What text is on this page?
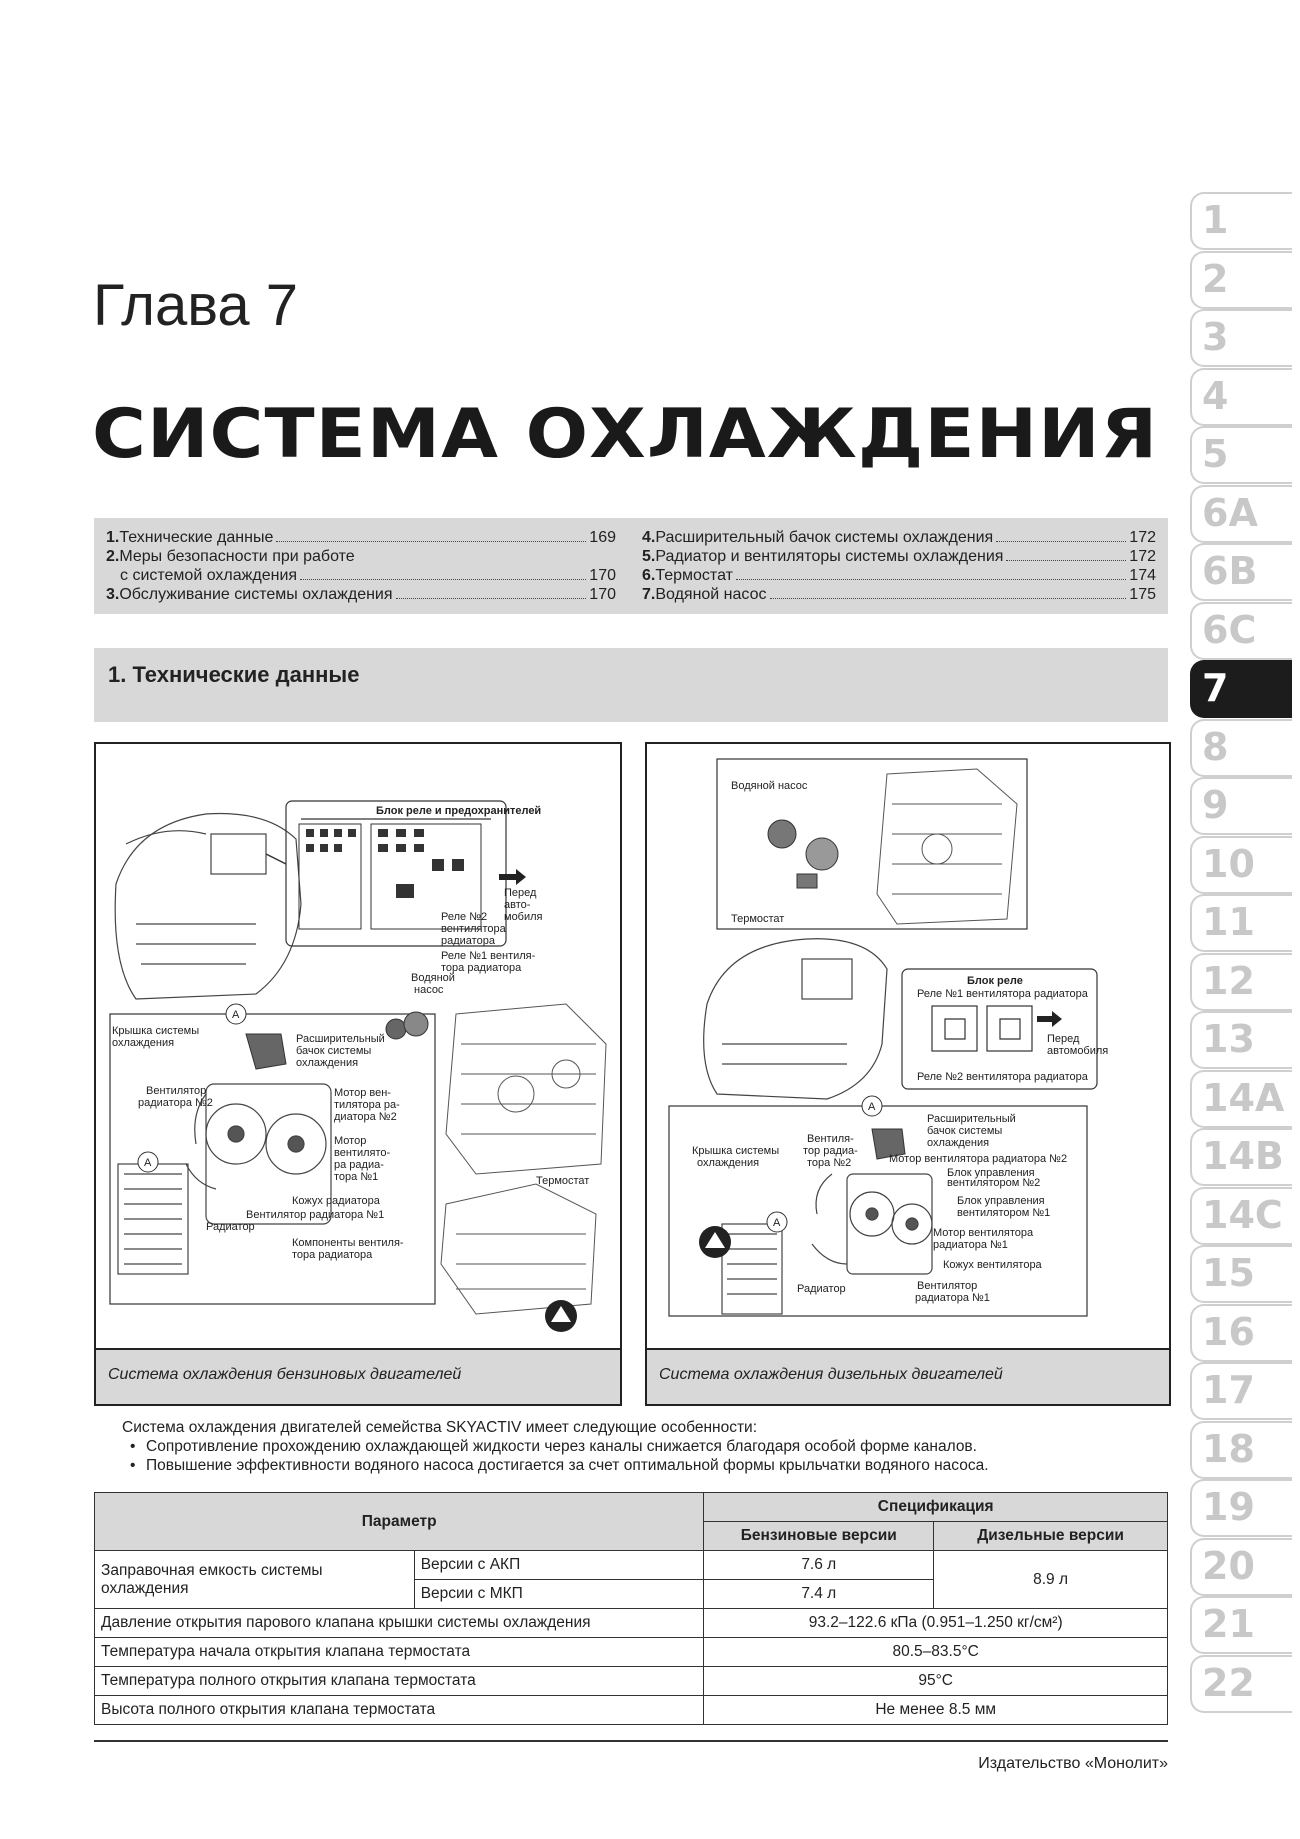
Глава 7
СИСТЕМА ОХЛАЖДЕНИЯ
1. Технические данные	169
2. Меры безопасности при работе
с системой охлаждения	170
3. Обслуживание системы охлаждения	170
4. Расширительный бачок системы охлаждения	172
5. Радиатор и вентиляторы системы охлаждения	172
6. Термостат	174
7. Водяной насос	175
1. Технические данные
Блок реле и предохранителей
Перед
авто-
мобиля
Реле №2
вентилятора
радиатора
Реле №1 вентиля-
тора радиатора
A
A
Крышка системы
охлаждения	Расширительный
бачок системы
охлаждения
Вентилятор
радиатора №2
Мотор вен-
тилятора ра-
диатора №2
Мотор
вентилято-
ра радиа-
тора №1
Кожух радиатора
Вентилятор радиатора №1
Радиатор
Компоненты вентиля-
тора радиатора
Водяной
насос
Термостат
Система охлаждения бензиновых двигателей
Водяной насос
Термостат
Блок реле
Реле №1 вентилятора радиатора
Перед
автомобиля
Реле №2 вентилятора радиатора
A
Расширительный
бачок системы
охлаждения
Крышка системы
охлаждения
Вентиля-
тор радиа-
тора №2	Мотор вентилятора радиатора №2
Блок управления
вентилятором №2
Блок управления
вентилятором №1
Мотор вентилятора
радиатора №1
Кожух вентилятора
Радиатор	Вентилятор
радиатора №1
A
Система охлаждения дизельных двигателей
Система охлаждения двигателей семейства SKYACTIV имеет следующие особенности:
• Сопротивление прохождению охлаждающей жидкости через каналы снижается благодаря особой форме каналов.
• Повышение эффективности водяного насоса достигается за счет оптимальной формы крыльчатки водяного насоса.
Параметр		Спецификация	
		Бензиновые версии	Дизельные версии
Заправочная емкость системы охлаждения	Версии с АКП	7.6 л	8.9 л
	Версии с МКП	7.4 л	
Давление открытия парового клапана крышки системы охлаждения		93.2–122.6 кПа (0.951–1.250 кг/см²)	
Температура начала открытия клапана термостата		80.5–83.5°С	
Температура полного открытия клапана термостата		95°С	
Высота полного открытия клапана термостата		Не менее 8.5 мм	
Издательство «Монолит»
1
2
3
4
5
6A
6B
6C
7
8
9
10
11
12
13
14A
14B
14C
15
16
17
18
19
20
21
22
